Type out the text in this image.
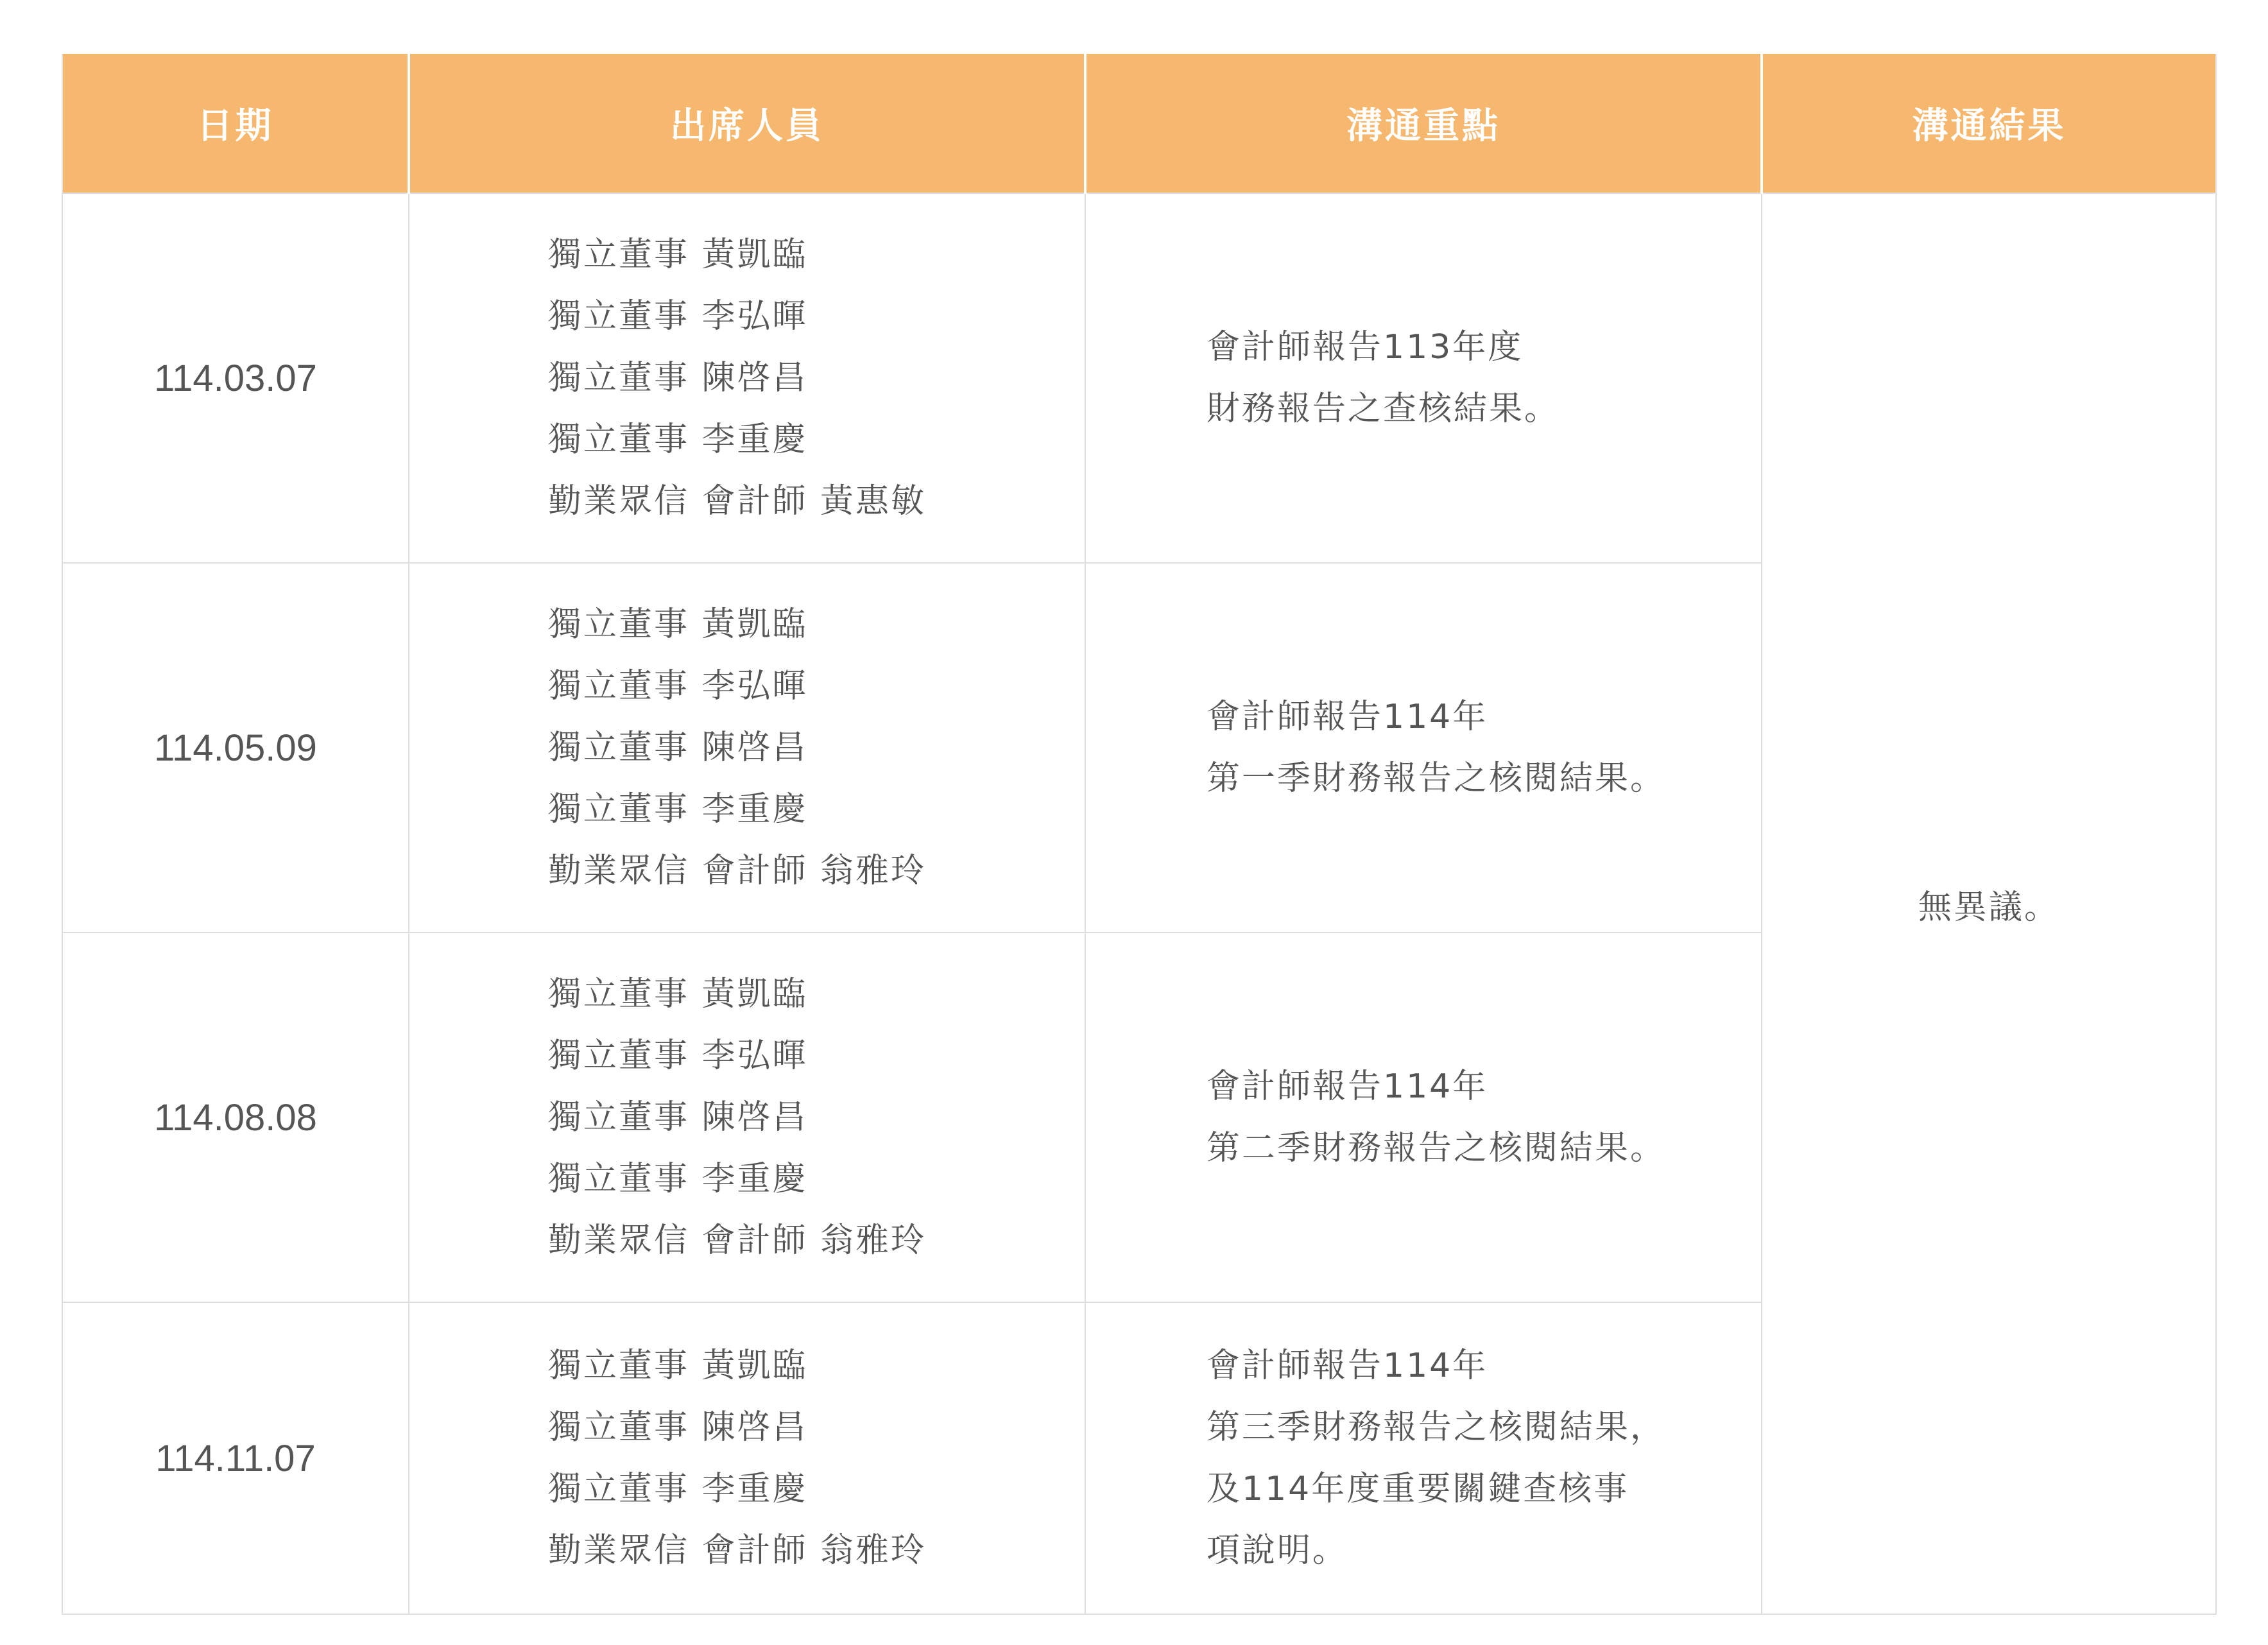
日期	出席人員	溝通重點	溝通結果
114.03.07	獨立董事 黃凱臨
獨立董事 李弘暉
獨立董事 陳啓昌
獨立董事 李重慶
勤業眾信 會計師 黃惠敏	會計師報告113年度
財務報告之查核結果。	無異議。
114.05.09	獨立董事 黃凱臨
獨立董事 李弘暉
獨立董事 陳啓昌
獨立董事 李重慶
勤業眾信 會計師 翁雅玲	會計師報告114年
第一季財務報告之核閱結果。	

114.08.08	獨立董事 黃凱臨
獨立董事 李弘暉
獨立董事 陳啓昌
獨立董事 李重慶
勤業眾信 會計師 翁雅玲	會計師報告114年
第二季財務報告之核閱結果。	

114.11.07	獨立董事 黃凱臨
獨立董事 陳啓昌
獨立董事 李重慶
勤業眾信 會計師 翁雅玲	會計師報告114年
第三季財務報告之核閱結果，
及114年度重要關鍵查核事
項說明。	
